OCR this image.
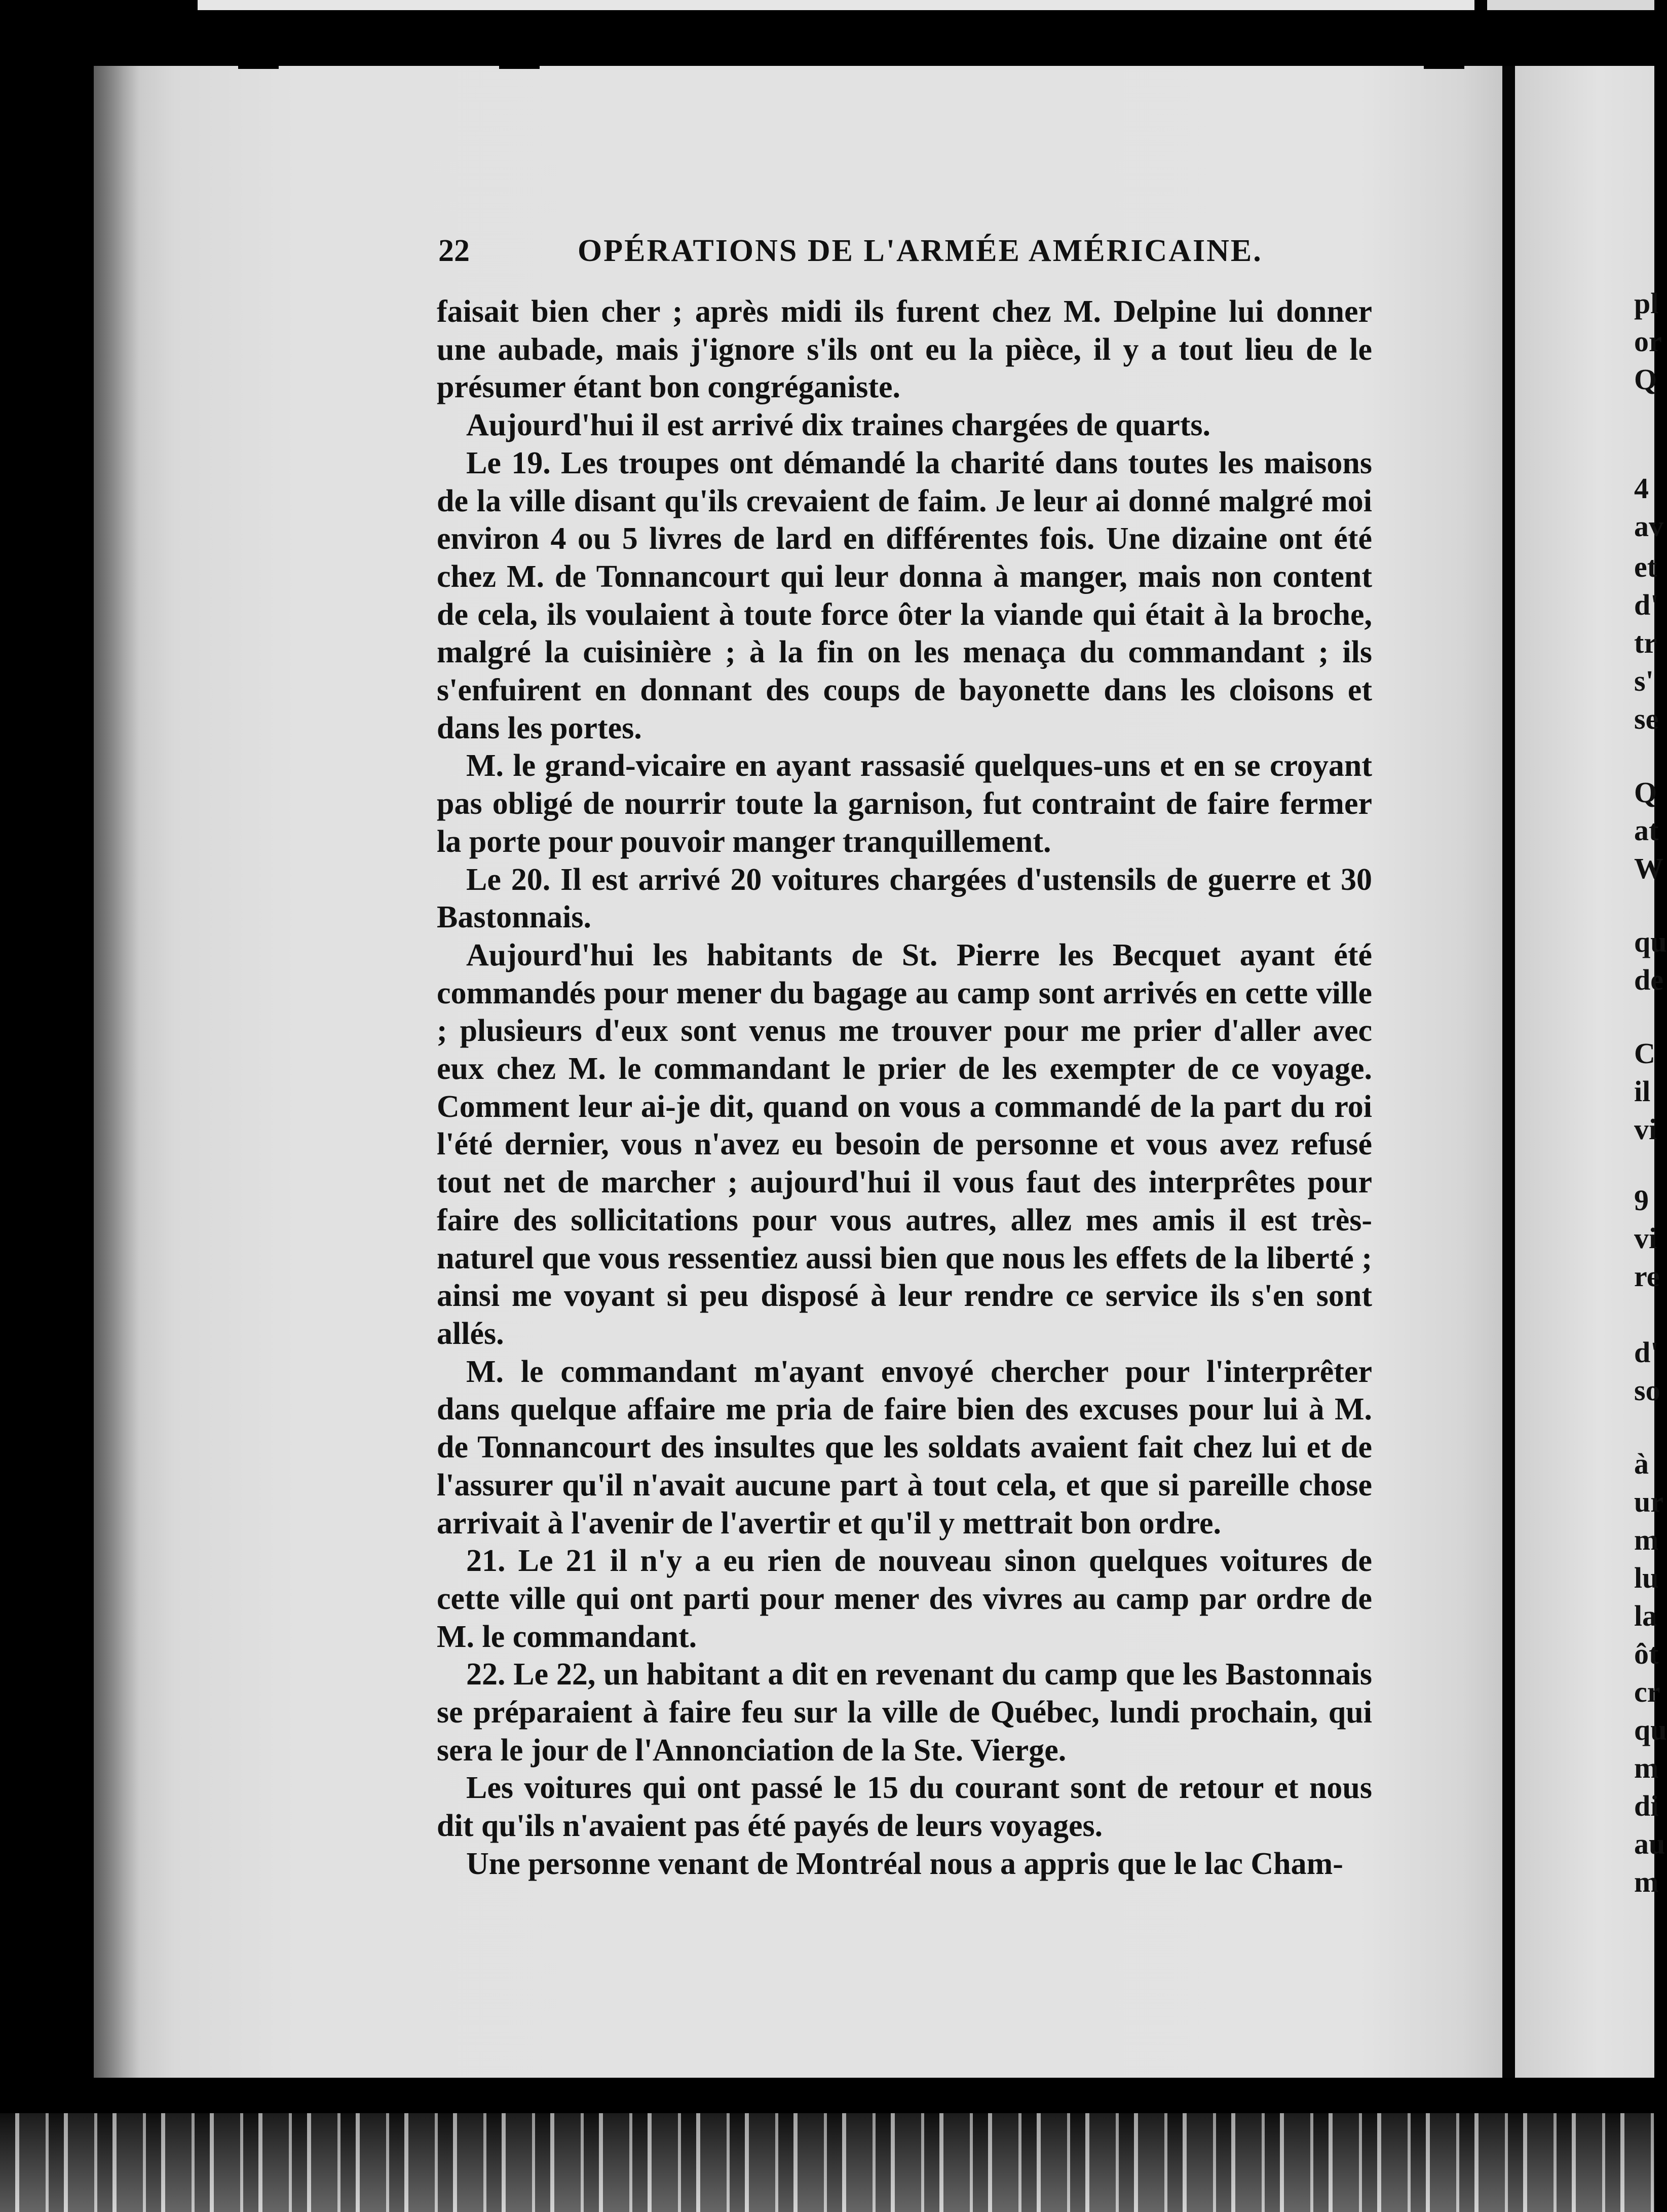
22	OPÉRATIONS DE L'ARMÉE AMÉRICAINE.

faisait bien cher ; après midi ils furent chez M. Delpine lui donner une aubade, mais j'ignore s'ils ont eu la pièce, il y a tout lieu de le présumer étant bon congréganiste.

Aujourd'hui il est arrivé dix traines chargées de quarts.

Le 19. Les troupes ont démandé la charité dans toutes les maisons de la ville disant qu'ils crevaient de faim. Je leur ai donné malgré moi environ 4 ou 5 livres de lard en différentes fois. Une dizaine ont été chez M. de Tonnancourt qui leur donna à manger, mais non content de cela, ils voulaient à toute force ôter la viande qui était à la broche, malgré la cuisinière ; à la fin on les menaça du commandant ; ils s'enfuirent en donnant des coups de bayonette dans les cloisons et dans les portes.

M. le grand-vicaire en ayant rassasié quelques-uns et en se croyant pas obligé de nourrir toute la garnison, fut contraint de faire fermer la porte pour pouvoir manger tranquillement.

Le 20. Il est arrivé 20 voitures chargées d'ustensils de guerre et 30 Bastonnais.

Aujourd'hui les habitants de St. Pierre les Becquet ayant été commandés pour mener du bagage au camp sont arrivés en cette ville ; plusieurs d'eux sont venus me trouver pour me prier d'aller avec eux chez M. le commandant le prier de les exempter de ce voyage. Comment leur ai-je dit, quand on vous a commandé de la part du roi l'été dernier, vous n'avez eu besoin de personne et vous avez refusé tout net de marcher ; aujourd'hui il vous faut des interprêtes pour faire des sollicitations pour vous autres, allez mes amis il est très-naturel que vous ressentiez aussi bien que nous les effets de la liberté ; ainsi me voyant si peu disposé à leur rendre ce service ils s'en sont allés.

M. le commandant m'ayant envoyé chercher pour l'interprêter dans quelque affaire me pria de faire bien des excuses pour lui à M. de Tonnancourt des insultes que les soldats avaient fait chez lui et de l'assurer qu'il n'avait aucune part à tout cela, et que si pareille chose arrivait à l'avenir de l'avertir et qu'il y mettrait bon ordre.

21. Le 21 il n'y a eu rien de nouveau sinon quelques voitures de cette ville qui ont parti pour mener des vivres au camp par ordre de M. le commandant.

22. Le 22, un habitant a dit en revenant du camp que les Bastonnais se préparaient à faire feu sur la ville de Québec, lundi prochain, qui sera le jour de l'Annonciation de la Ste. Vierge.

Les voitures qui ont passé le 15 du courant sont de retour et nous dit qu'ils n'avaient pas été payés de leurs voyages.

Une personne venant de Montréal nous a appris que le lac Cham-

pl
or
Q
4
av
et
d'
tr
s'
se
Q
at
W
qu
de
C
il
vi
9
vi
re
d'
so
à
ur
m
lu
la
ôt
cr
qu
m
di
au
m
